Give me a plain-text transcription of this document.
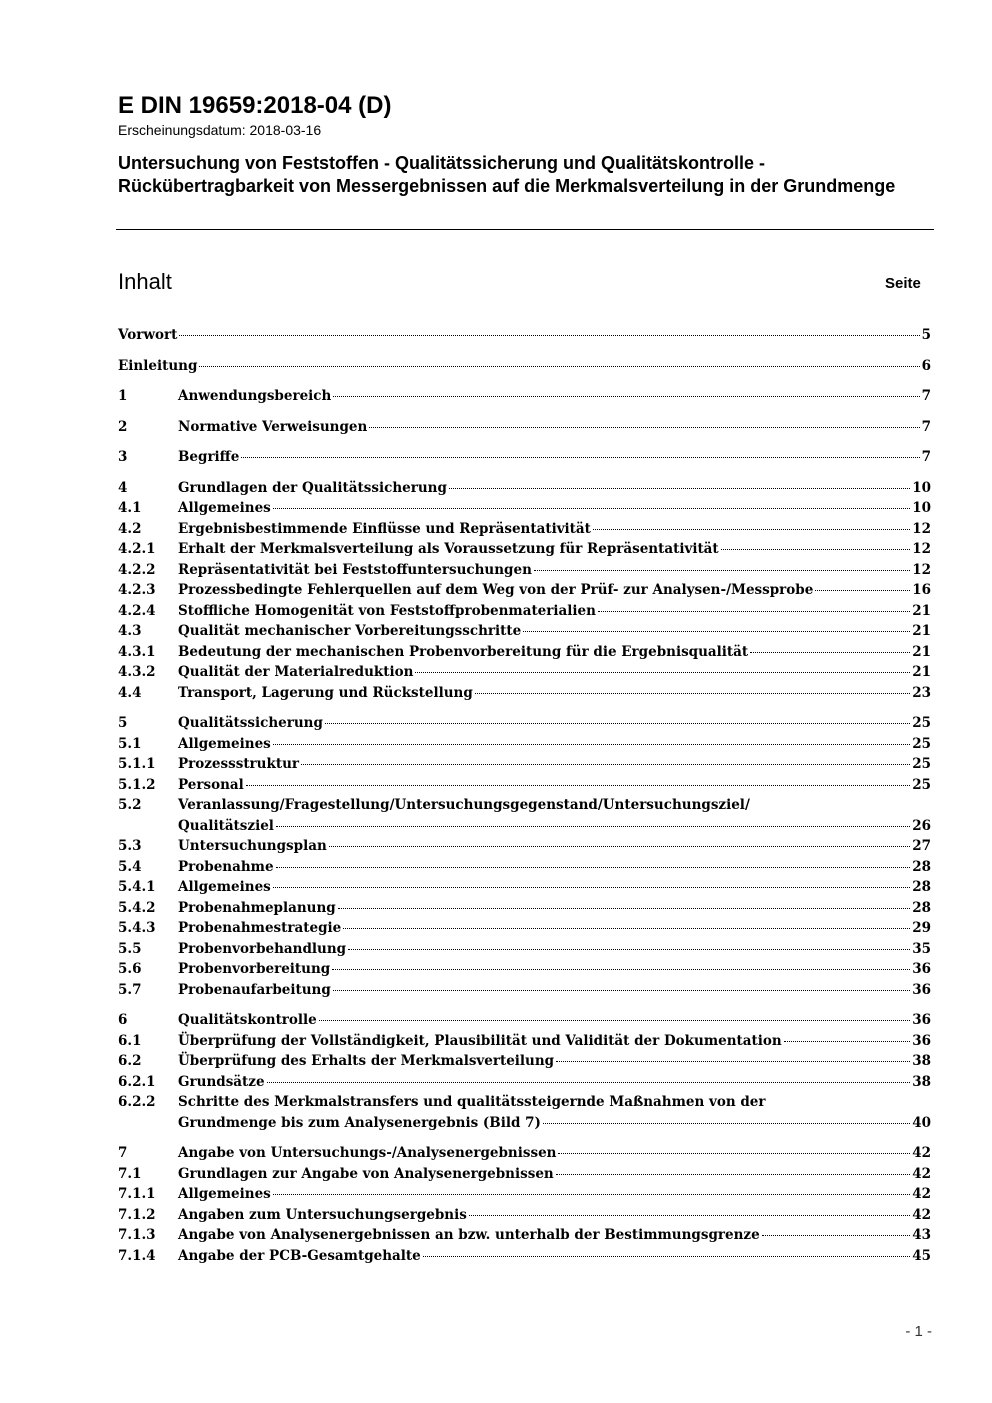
E DIN 19659:2018-04 (D)
Erscheinungsdatum: 2018-03-16
Untersuchung von Feststoffen - Qualitätssicherung und Qualitätskontrolle - Rückübertragbarkeit von Messergebnissen auf die Merkmalsverteilung in der Grundmenge
Inhalt	Seite
Vorwort	5
Einleitung	6
1	Anwendungsbereich	7
2	Normative Verweisungen	7
3	Begriffe	7
4	Grundlagen der Qualitätssicherung	10
4.1	Allgemeines	10
4.2	Ergebnisbestimmende Einflüsse und Repräsentativität	12
4.2.1	Erhalt der Merkmalsverteilung als Voraussetzung für Repräsentativität	12
4.2.2	Repräsentativität bei Feststoffuntersuchungen	12
4.2.3	Prozessbedingte Fehlerquellen auf dem Weg von der Prüf- zur Analysen-/Messprobe	16
4.2.4	Stoffliche Homogenität von Feststoffprobenmaterialien	21
4.3	Qualität mechanischer Vorbereitungsschritte	21
4.3.1	Bedeutung der mechanischen Probenvorbereitung für die Ergebnisqualität	21
4.3.2	Qualität der Materialreduktion	21
4.4	Transport, Lagerung und Rückstellung	23
5	Qualitätssicherung	25
5.1	Allgemeines	25
5.1.1	Prozessstruktur	25
5.1.2	Personal	25
5.2	Veranlassung/Fragestellung/Untersuchungsgegenstand/Untersuchungsziel/
Qualitätsziel	26
5.3	Untersuchungsplan	27
5.4	Probenahme	28
5.4.1	Allgemeines	28
5.4.2	Probenahmeplanung	28
5.4.3	Probenahmestrategie	29
5.5	Probenvorbehandlung	35
5.6	Probenvorbereitung	36
5.7	Probenaufarbeitung	36
6	Qualitätskontrolle	36
6.1	Überprüfung der Vollständigkeit, Plausibilität und Validität der Dokumentation	36
6.2	Überprüfung des Erhalts der Merkmalsverteilung	38
6.2.1	Grundsätze	38
6.2.2 Schritte des Merkmalstransfers und qualitätssteigernde Maßnahmen von der
Grundmenge bis zum Analysenergebnis (Bild 7)	40
7	Angabe von Untersuchungs-/Analysenergebnissen	42
7.1	Grundlagen zur Angabe von Analysenergebnissen	42
7.1.1	Allgemeines	42
7.1.2	Angaben zum Untersuchungsergebnis	42
7.1.3	Angabe von Analysenergebnissen an bzw. unterhalb der Bestimmungsgrenze	43
7.1.4	Angabe der PCB-Gesamtgehalte	45
- 1 -
